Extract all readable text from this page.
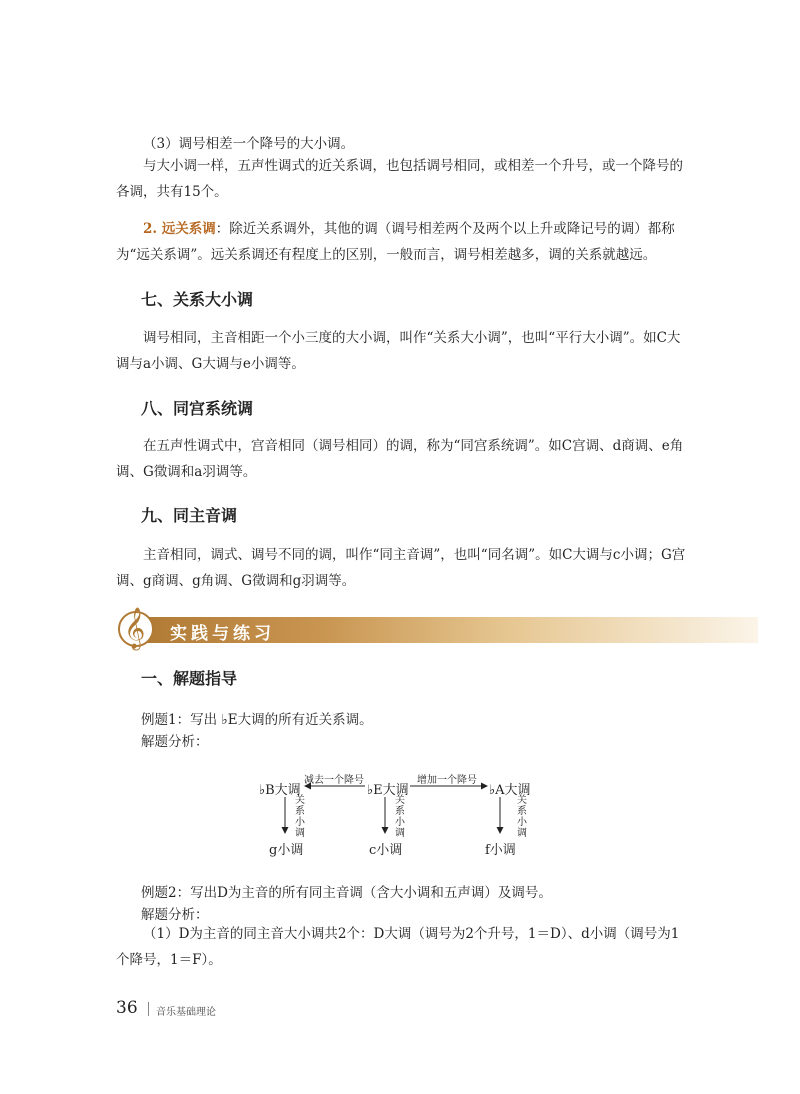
（3）调号相差一个降号的大小调。

与大小调一样，五声性调式的近关系调，也包括调号相同，或相差一个升号，或一个降号的各调，共有15个。

2. 远关系调：除近关系调外，其他的调（调号相差两个及两个以上升或降记号的调）都称为“远关系调”。远关系调还有程度上的区别，一般而言，调号相差越多，调的关系就越远。

七、关系大小调

调号相同，主音相距一个小三度的大小调，叫作“关系大小调”，也叫“平行大小调”。如C大调与a小调、G大调与e小调等。

八、同宫系统调

在五声性调式中，宫音相同（调号相同）的调，称为“同宫系统调”。如C宫调、d商调、e角调、G徵调和a羽调等。

九、同主音调

主音相同，调式、调号不同的调，叫作“同主音调”，也叫“同名调”。如C大调与c小调；G宫调、g商调、g角调、G徵调和g羽调等。

𝄞 实践与练习
一、解题指导

例题1：写出 ♭E大调的所有近关系调。

解题分析：

♭B大调	♭E大调	♭A大调
减去一个降号	增加一个降号
关系小调
关系小调
关系小调
g小调	c小调	f小调

例题2：写出D为主音的所有同主音调（含大小调和五声调）及调号。

解题分析：

（1）D为主音的同主音大小调共2个：D大调（调号为2个升号，1＝D）、d小调（调号为1个降号，1＝F）。

36 音乐基础理论
